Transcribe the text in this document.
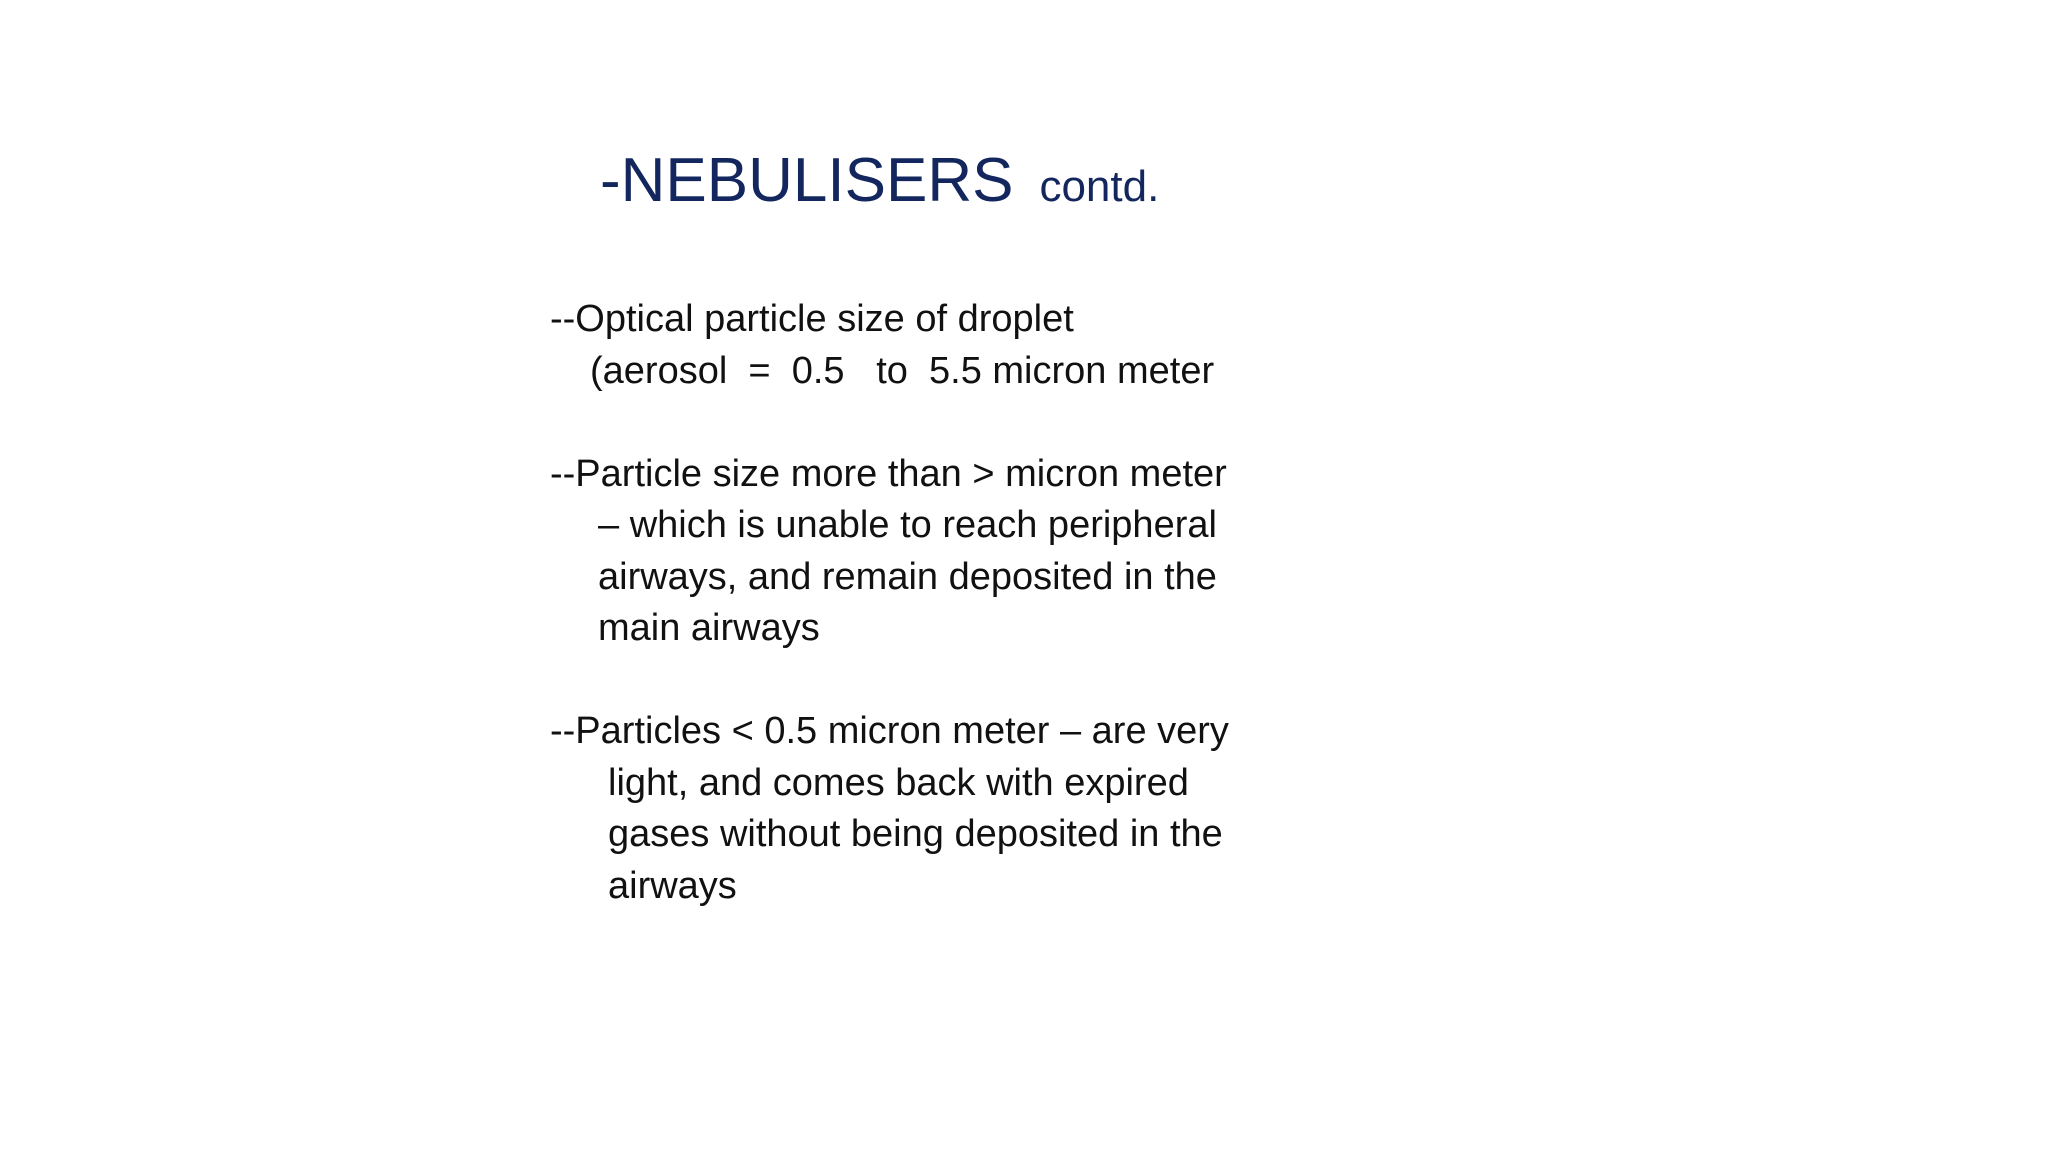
-NEBULISERS contd.
--Optical particle size of droplet
(aerosol  =  0.5   to  5.5 micron meter
--Particle size more than > micron meter
– which is unable to reach peripheral
airways, and remain deposited in the
main airways
--Particles < 0.5 micron meter – are very
light, and comes back with expired
gases without being deposited in the
airways
